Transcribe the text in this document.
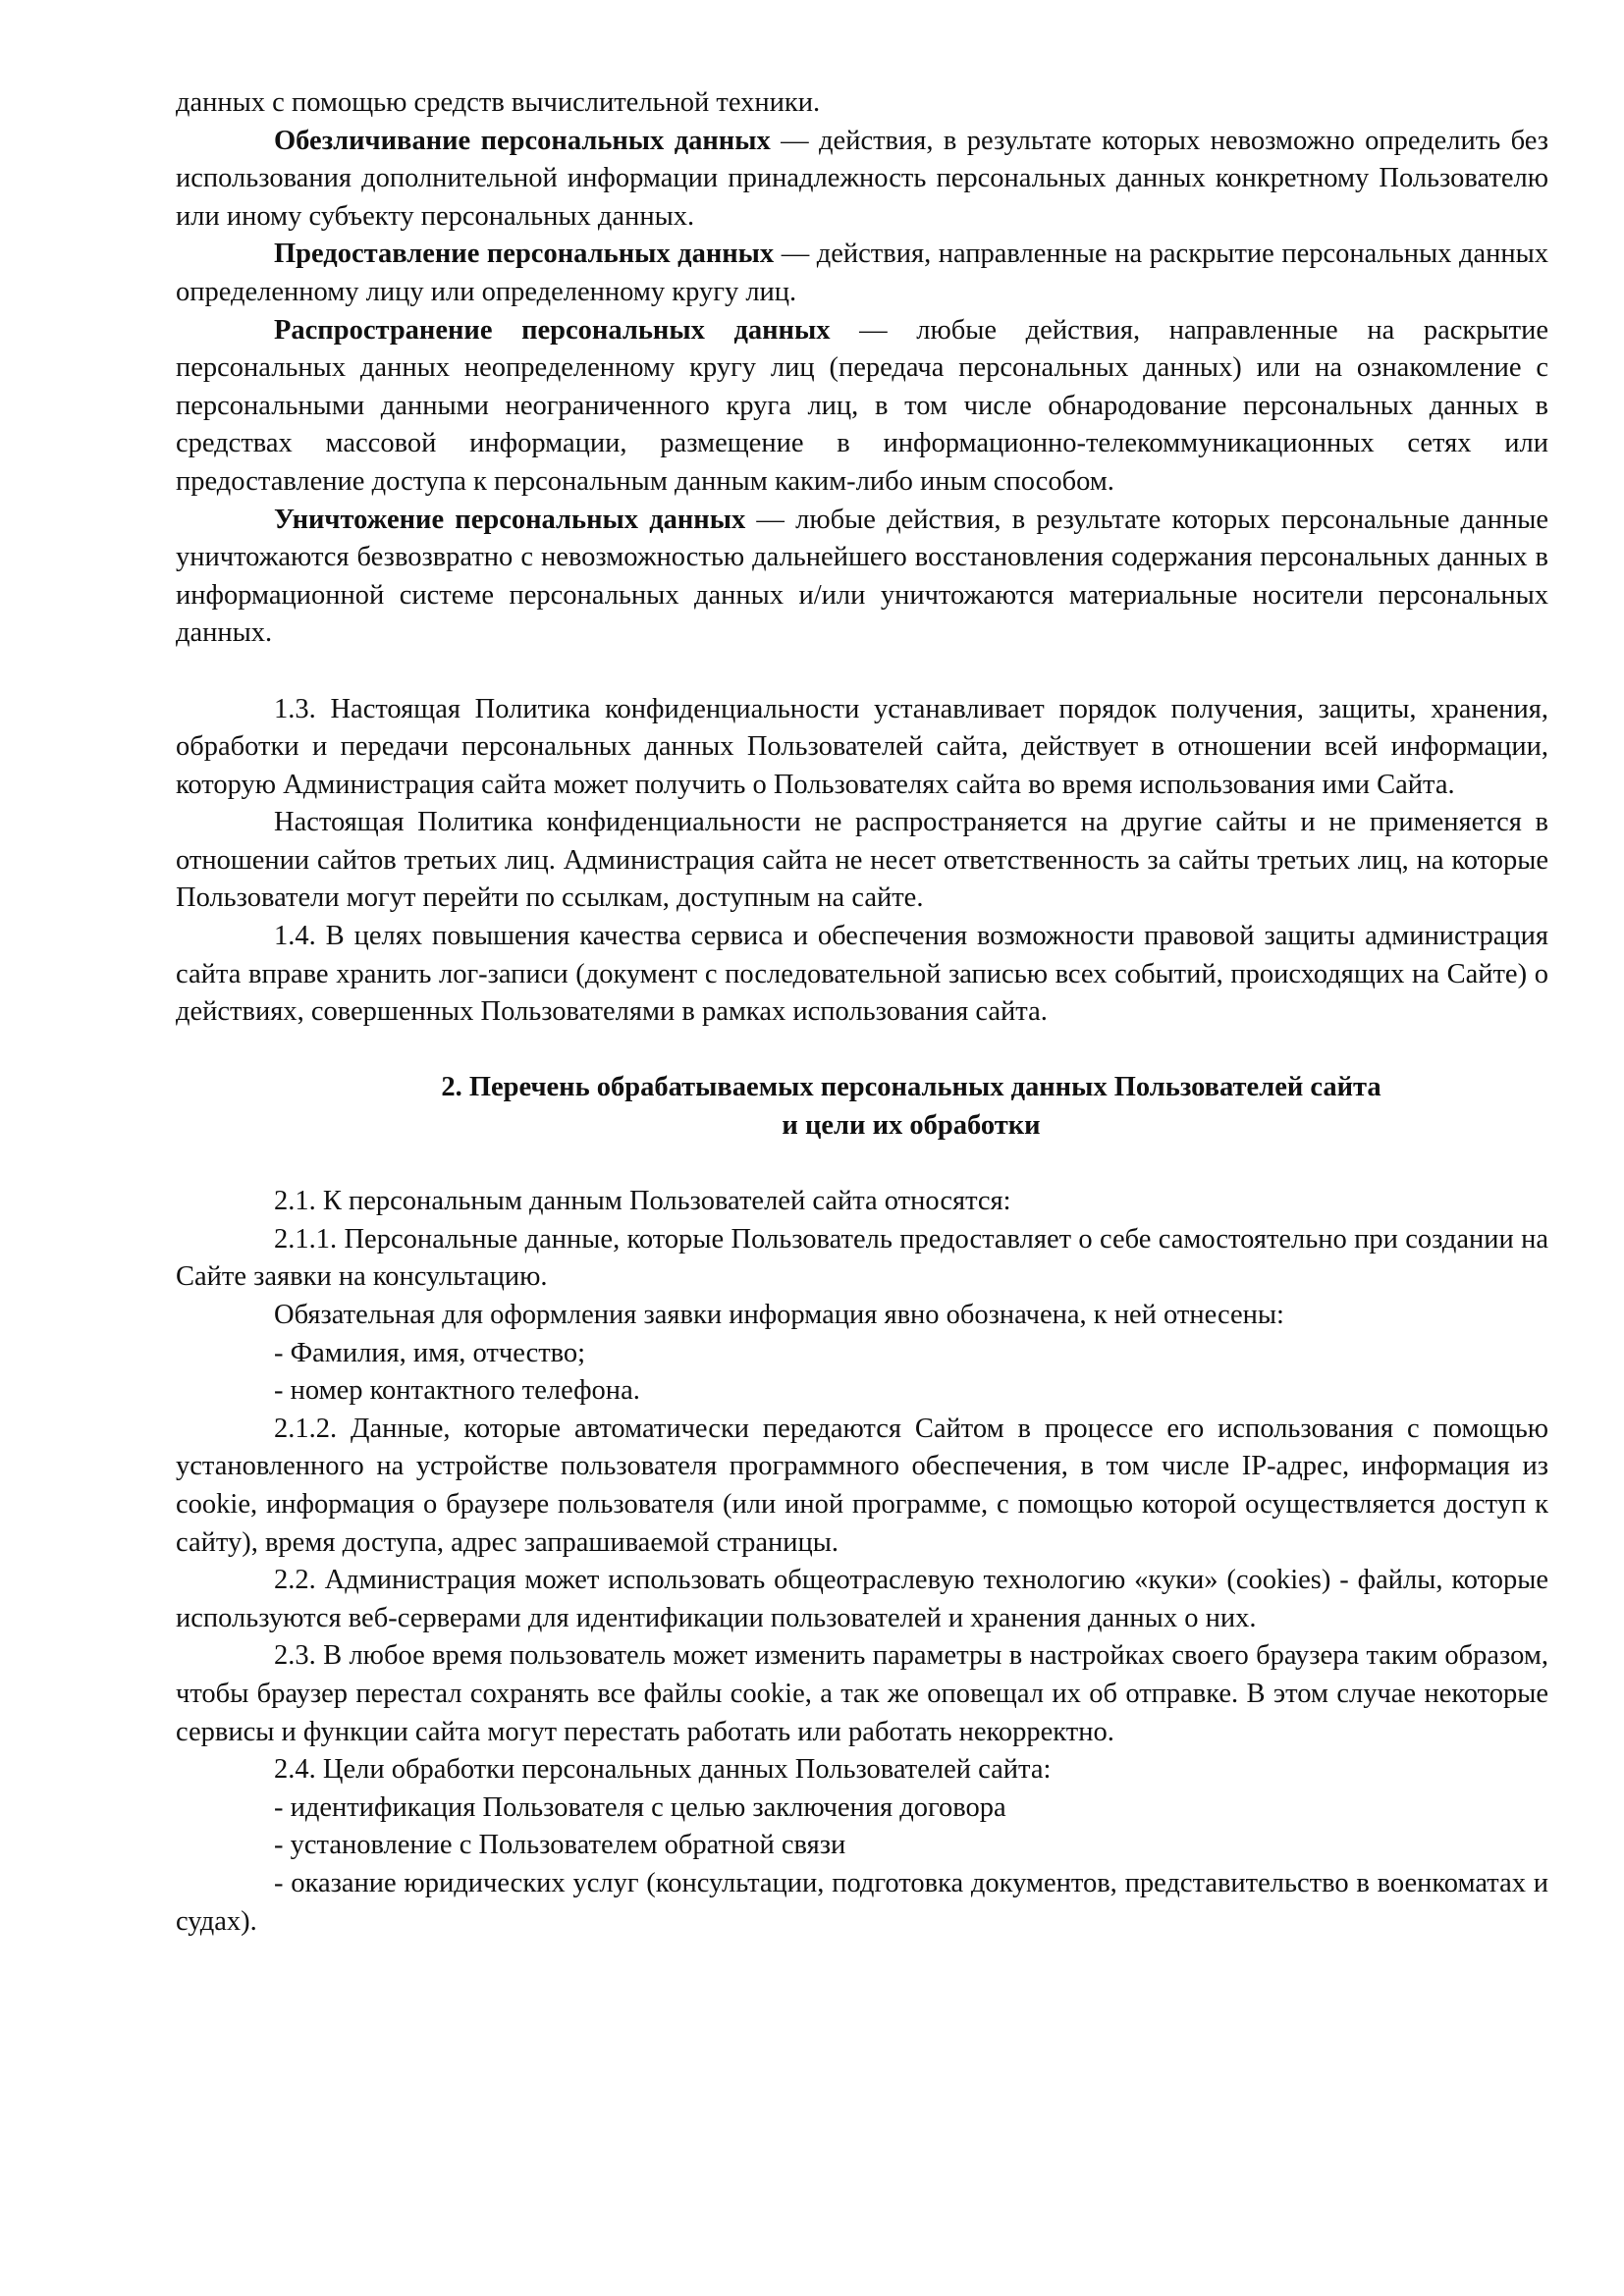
данных с помощью средств вычислительной техники.

Обезличивание персональных данных — действия, в результате которых невозможно определить без использования дополнительной информации принадлежность персональных данных конкретному Пользователю или иному субъекту персональных данных.

Предоставление персональных данных — действия, направленные на раскрытие персональных данных определенному лицу или определенному кругу лиц.

Распространение персональных данных — любые действия, направленные на раскрытие персональных данных неопределенному кругу лиц (передача персональных данных) или на ознакомление с персональными данными неограниченного круга лиц, в том числе обнародование персональных данных в средствах массовой информации, размещение в информационно-телекоммуникационных сетях или предоставление доступа к персональным данным каким-либо иным способом.

Уничтожение персональных данных — любые действия, в результате которых персональные данные уничтожаются безвозвратно с невозможностью дальнейшего восстановления содержания персональных данных в информационной системе персональных данных и/или уничтожаются материальные носители персональных данных.

1.3. Настоящая Политика конфиденциальности устанавливает порядок получения, защиты, хранения, обработки и передачи персональных данных Пользователей сайта, действует в отношении всей информации, которую Администрация сайта может получить о Пользователях сайта во время использования ими Сайта.

Настоящая Политика конфиденциальности не распространяется на другие сайты и не применяется в отношении сайтов третьих лиц. Администрация сайта не несет ответственность за сайты третьих лиц, на которые Пользователи могут перейти по ссылкам, доступным на сайте.

1.4. В целях повышения качества сервиса и обеспечения возможности правовой защиты администрация сайта вправе хранить лог-записи (документ с последовательной записью всех событий, происходящих на Сайте) о действиях, совершенных Пользователями в рамках использования сайта.

2. Перечень обрабатываемых персональных данных Пользователей сайта

и цели их обработки

2.1. К персональным данным Пользователей сайта относятся:

2.1.1. Персональные данные, которые Пользователь предоставляет о себе самостоятельно при создании на Сайте заявки на консультацию.

Обязательная для оформления заявки информация явно обозначена, к ней отнесены:

- Фамилия, имя, отчество;

- номер контактного телефона.

2.1.2. Данные, которые автоматически передаются Сайтом в процессе его использования с помощью установленного на устройстве пользователя программного обеспечения, в том числе IP-адрес, информация из cookie, информация о браузере пользователя (или иной программе, с помощью которой осуществляется доступ к сайту), время доступа, адрес запрашиваемой страницы.

2.2. Администрация может использовать общеотраслевую технологию «куки» (cookies) - файлы, которые используются веб-серверами для идентификации пользователей и хранения данных о них.

2.3. В любое время пользователь может изменить параметры в настройках своего браузера таким образом, чтобы браузер перестал сохранять все файлы cookie, а так же оповещал их об отправке. В этом случае некоторые сервисы и функции сайта могут перестать работать или работать некорректно.

2.4. Цели обработки персональных данных Пользователей сайта:

- идентификация Пользователя с целью заключения договора

- установление с Пользователем обратной связи

- оказание юридических услуг (консультации, подготовка документов, представительство в военкоматах и судах).
